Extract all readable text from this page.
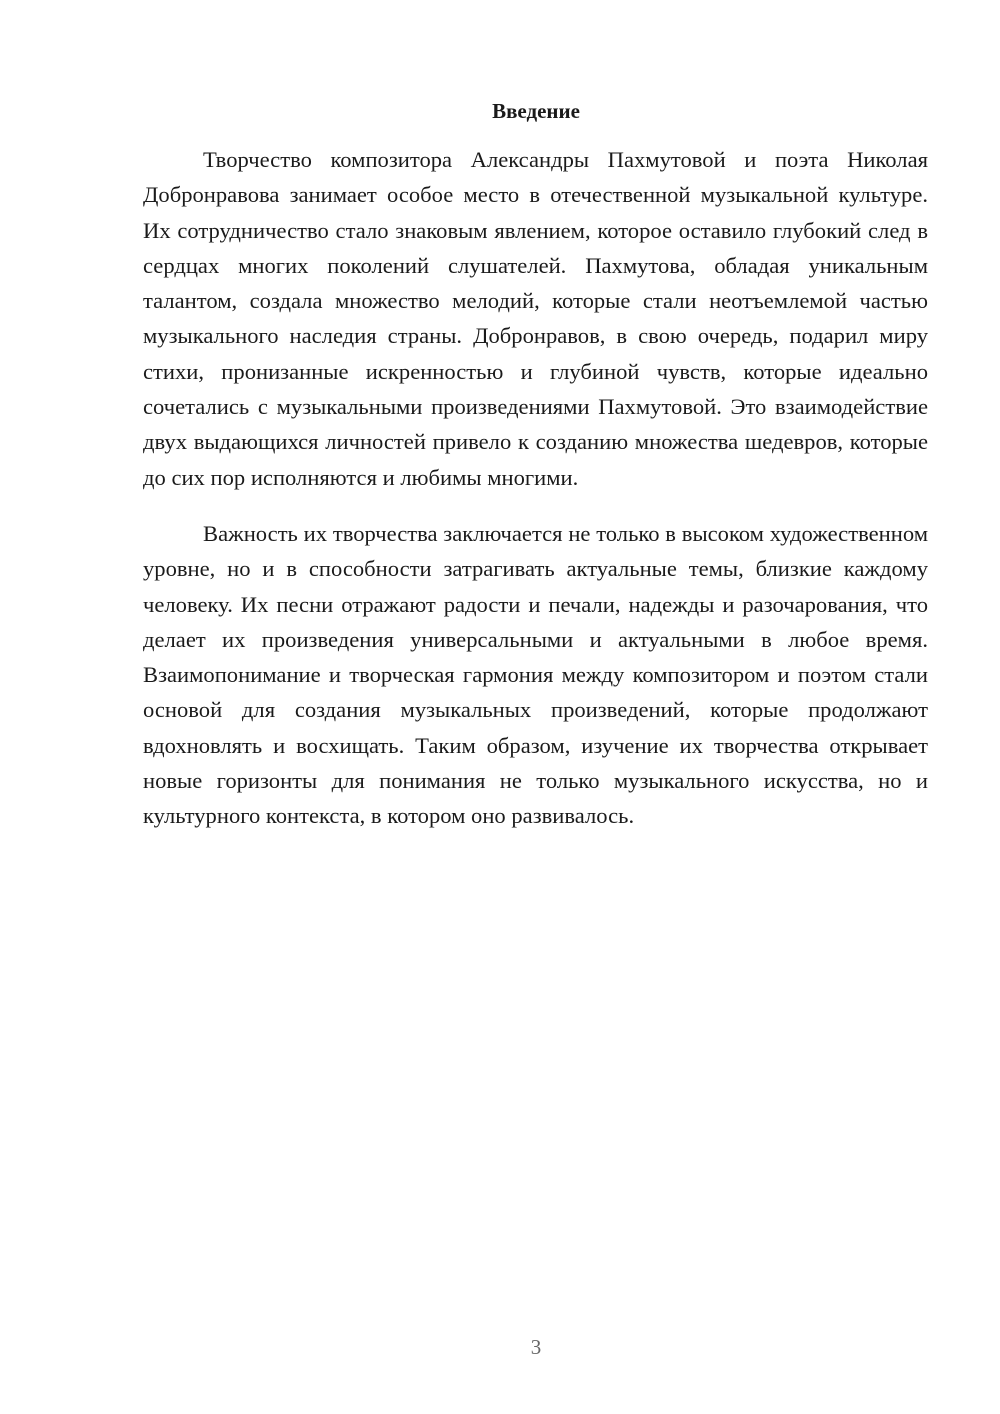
Введение

Творчество композитора Александры Пахмутовой и поэта Николая Добронравова занимает особое место в отечественной музыкальной культуре. Их сотрудничество стало знаковым явлением, которое оставило глубокий след в сердцах многих поколений слушателей. Пахмутова, обладая уникальным талантом, создала множество мелодий, которые стали неотъемлемой частью музыкального наследия страны. Добронравов, в свою очередь, подарил миру стихи, пронизанные искренностью и глубиной чувств, которые идеально сочетались с музыкальными произведениями Пахмутовой. Это взаимодействие двух выдающихся личностей привело к созданию множества шедевров, которые до сих пор исполняются и любимы многими.

Важность их творчества заключается не только в высоком художественном уровне, но и в способности затрагивать актуальные темы, близкие каждому человеку. Их песни отражают радости и печали, надежды и разочарования, что делает их произведения универсальными и актуальными в любое время. Взаимопонимание и творческая гармония между композитором и поэтом стали основой для создания музыкальных произведений, которые продолжают вдохновлять и восхищать. Таким образом, изучение их творчества открывает новые горизонты для понимания не только музыкального искусства, но и культурного контекста, в котором оно развивалось.

3
